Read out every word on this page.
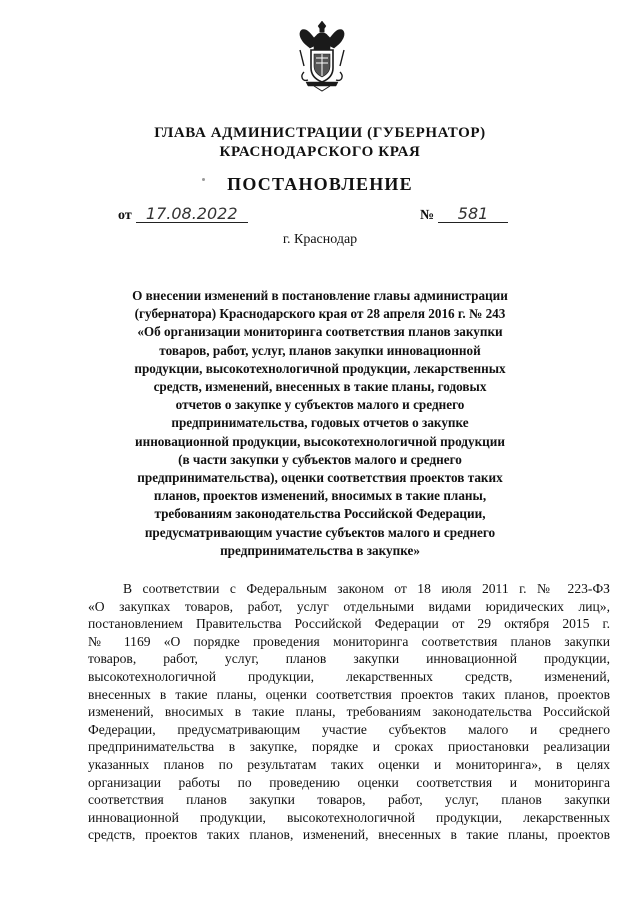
ГЛАВА АДМИНИСТРАЦИИ (ГУБЕРНАТОР)
КРАСНОДАРСКОГО КРАЯ
ПОСТАНОВЛЕНИЕ
от 17.08.2022	№ 581
г. Краснодар
О внесении изменений в постановление главы администрации
(губернатора) Краснодарского края от 28 апреля 2016 г. № 243
«Об организации мониторинга соответствия планов закупки
товаров, работ, услуг, планов закупки инновационной
продукции, высокотехнологичной продукции, лекарственных
средств, изменений, внесенных в такие планы, годовых
отчетов о закупке у субъектов малого и среднего
предпринимательства, годовых отчетов о закупке
инновационной продукции, высокотехнологичной продукции
(в части закупки у субъектов малого и среднего
предпринимательства), оценки соответствия проектов таких
планов, проектов изменений, вносимых в такие планы,
требованиям законодательства Российской Федерации,
предусматривающим участие субъектов малого и среднего
предпринимательства в закупке»
В соответствии с Федеральным законом от 18 июля 2011 г. № 223-ФЗ
«О закупках товаров, работ, услуг отдельными видами юридических лиц»,
постановлением Правительства Российской Федерации от 29 октября 2015 г.
№ 1169 «О порядке проведения мониторинга соответствия планов закупки
товаров, работ, услуг, планов закупки инновационной продукции,
высокотехнологичной продукции, лекарственных средств, изменений,
внесенных в такие планы, оценки соответствия проектов таких планов, проектов
изменений, вносимых в такие планы, требованиям законодательства Российской
Федерации, предусматривающим участие субъектов малого и среднего
предпринимательства в закупке, порядке и сроках приостановки реализации
указанных планов по результатам таких оценки и мониторинга», в целях
организации работы по проведению оценки соответствия и мониторинга
соответствия планов закупки товаров, работ, услуг, планов закупки
инновационной продукции, высокотехнологичной продукции, лекарственных
средств, проектов таких планов, изменений, внесенных в такие планы, проектов
